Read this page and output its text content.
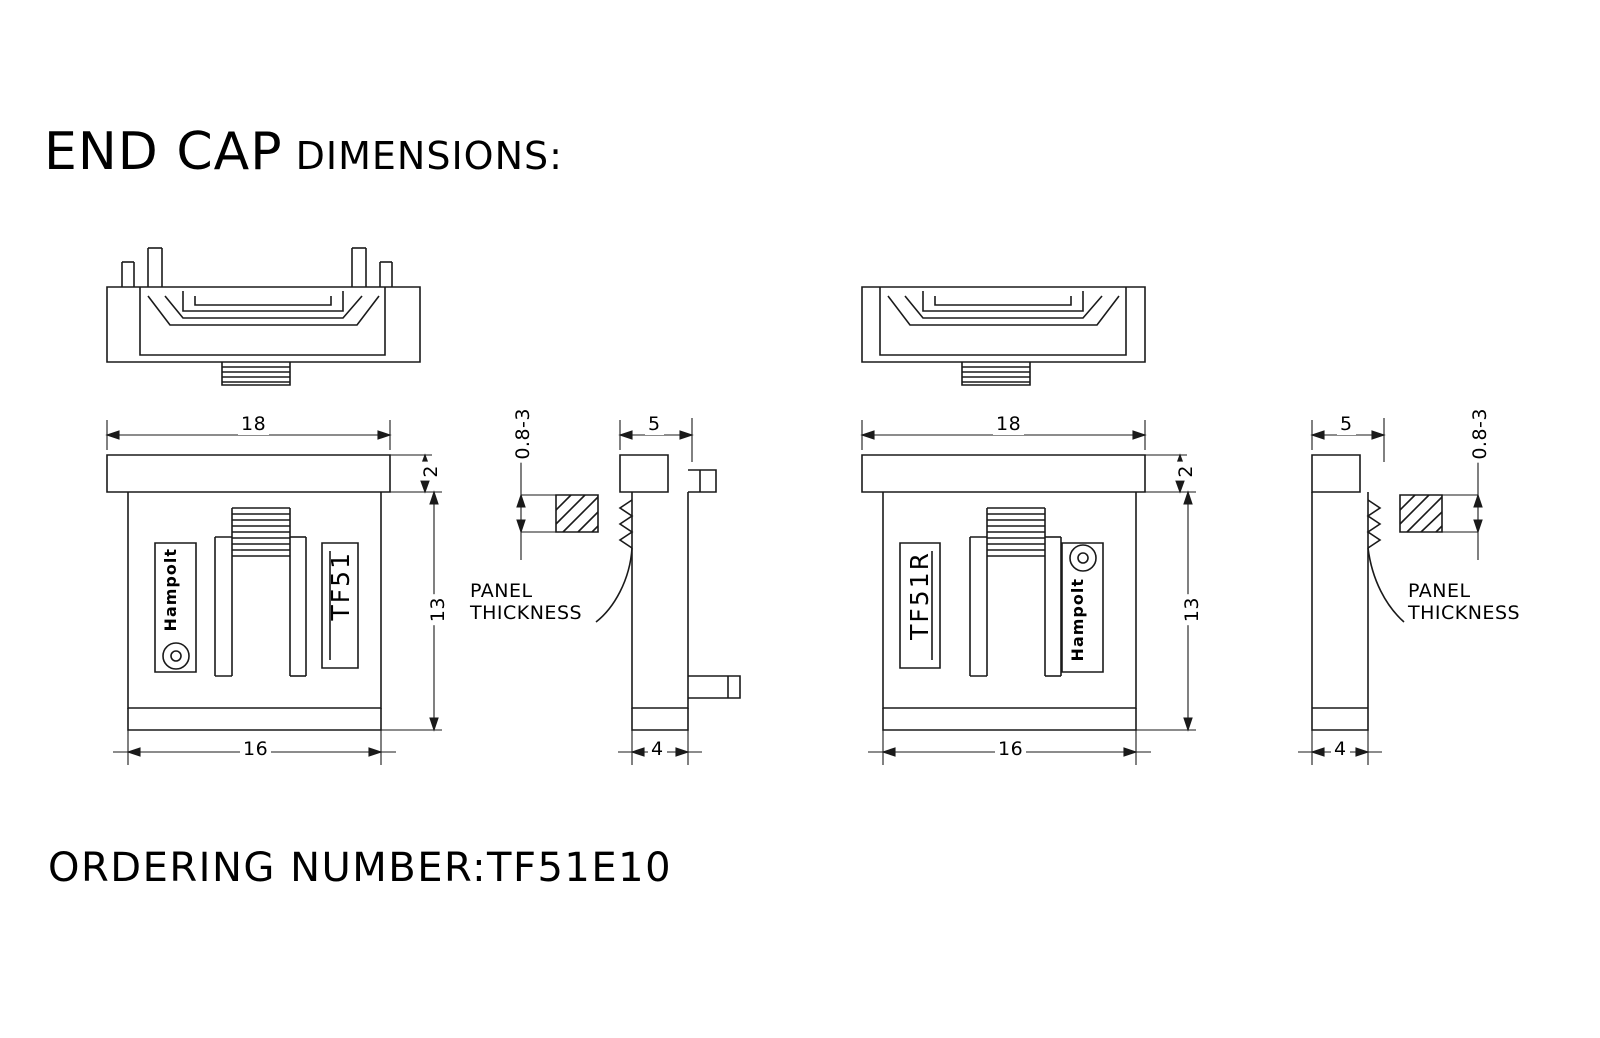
END CAP DIMENSIONS:
18
2
13
16
TF51
Hampolt
5
0.8-3
4
PANEL
THICKNESS
18
2
13
16
TF51R	Hampolt
5	0.8-3
4
PANEL
THICKNESS
ORDERING NUMBER:TF51E10
